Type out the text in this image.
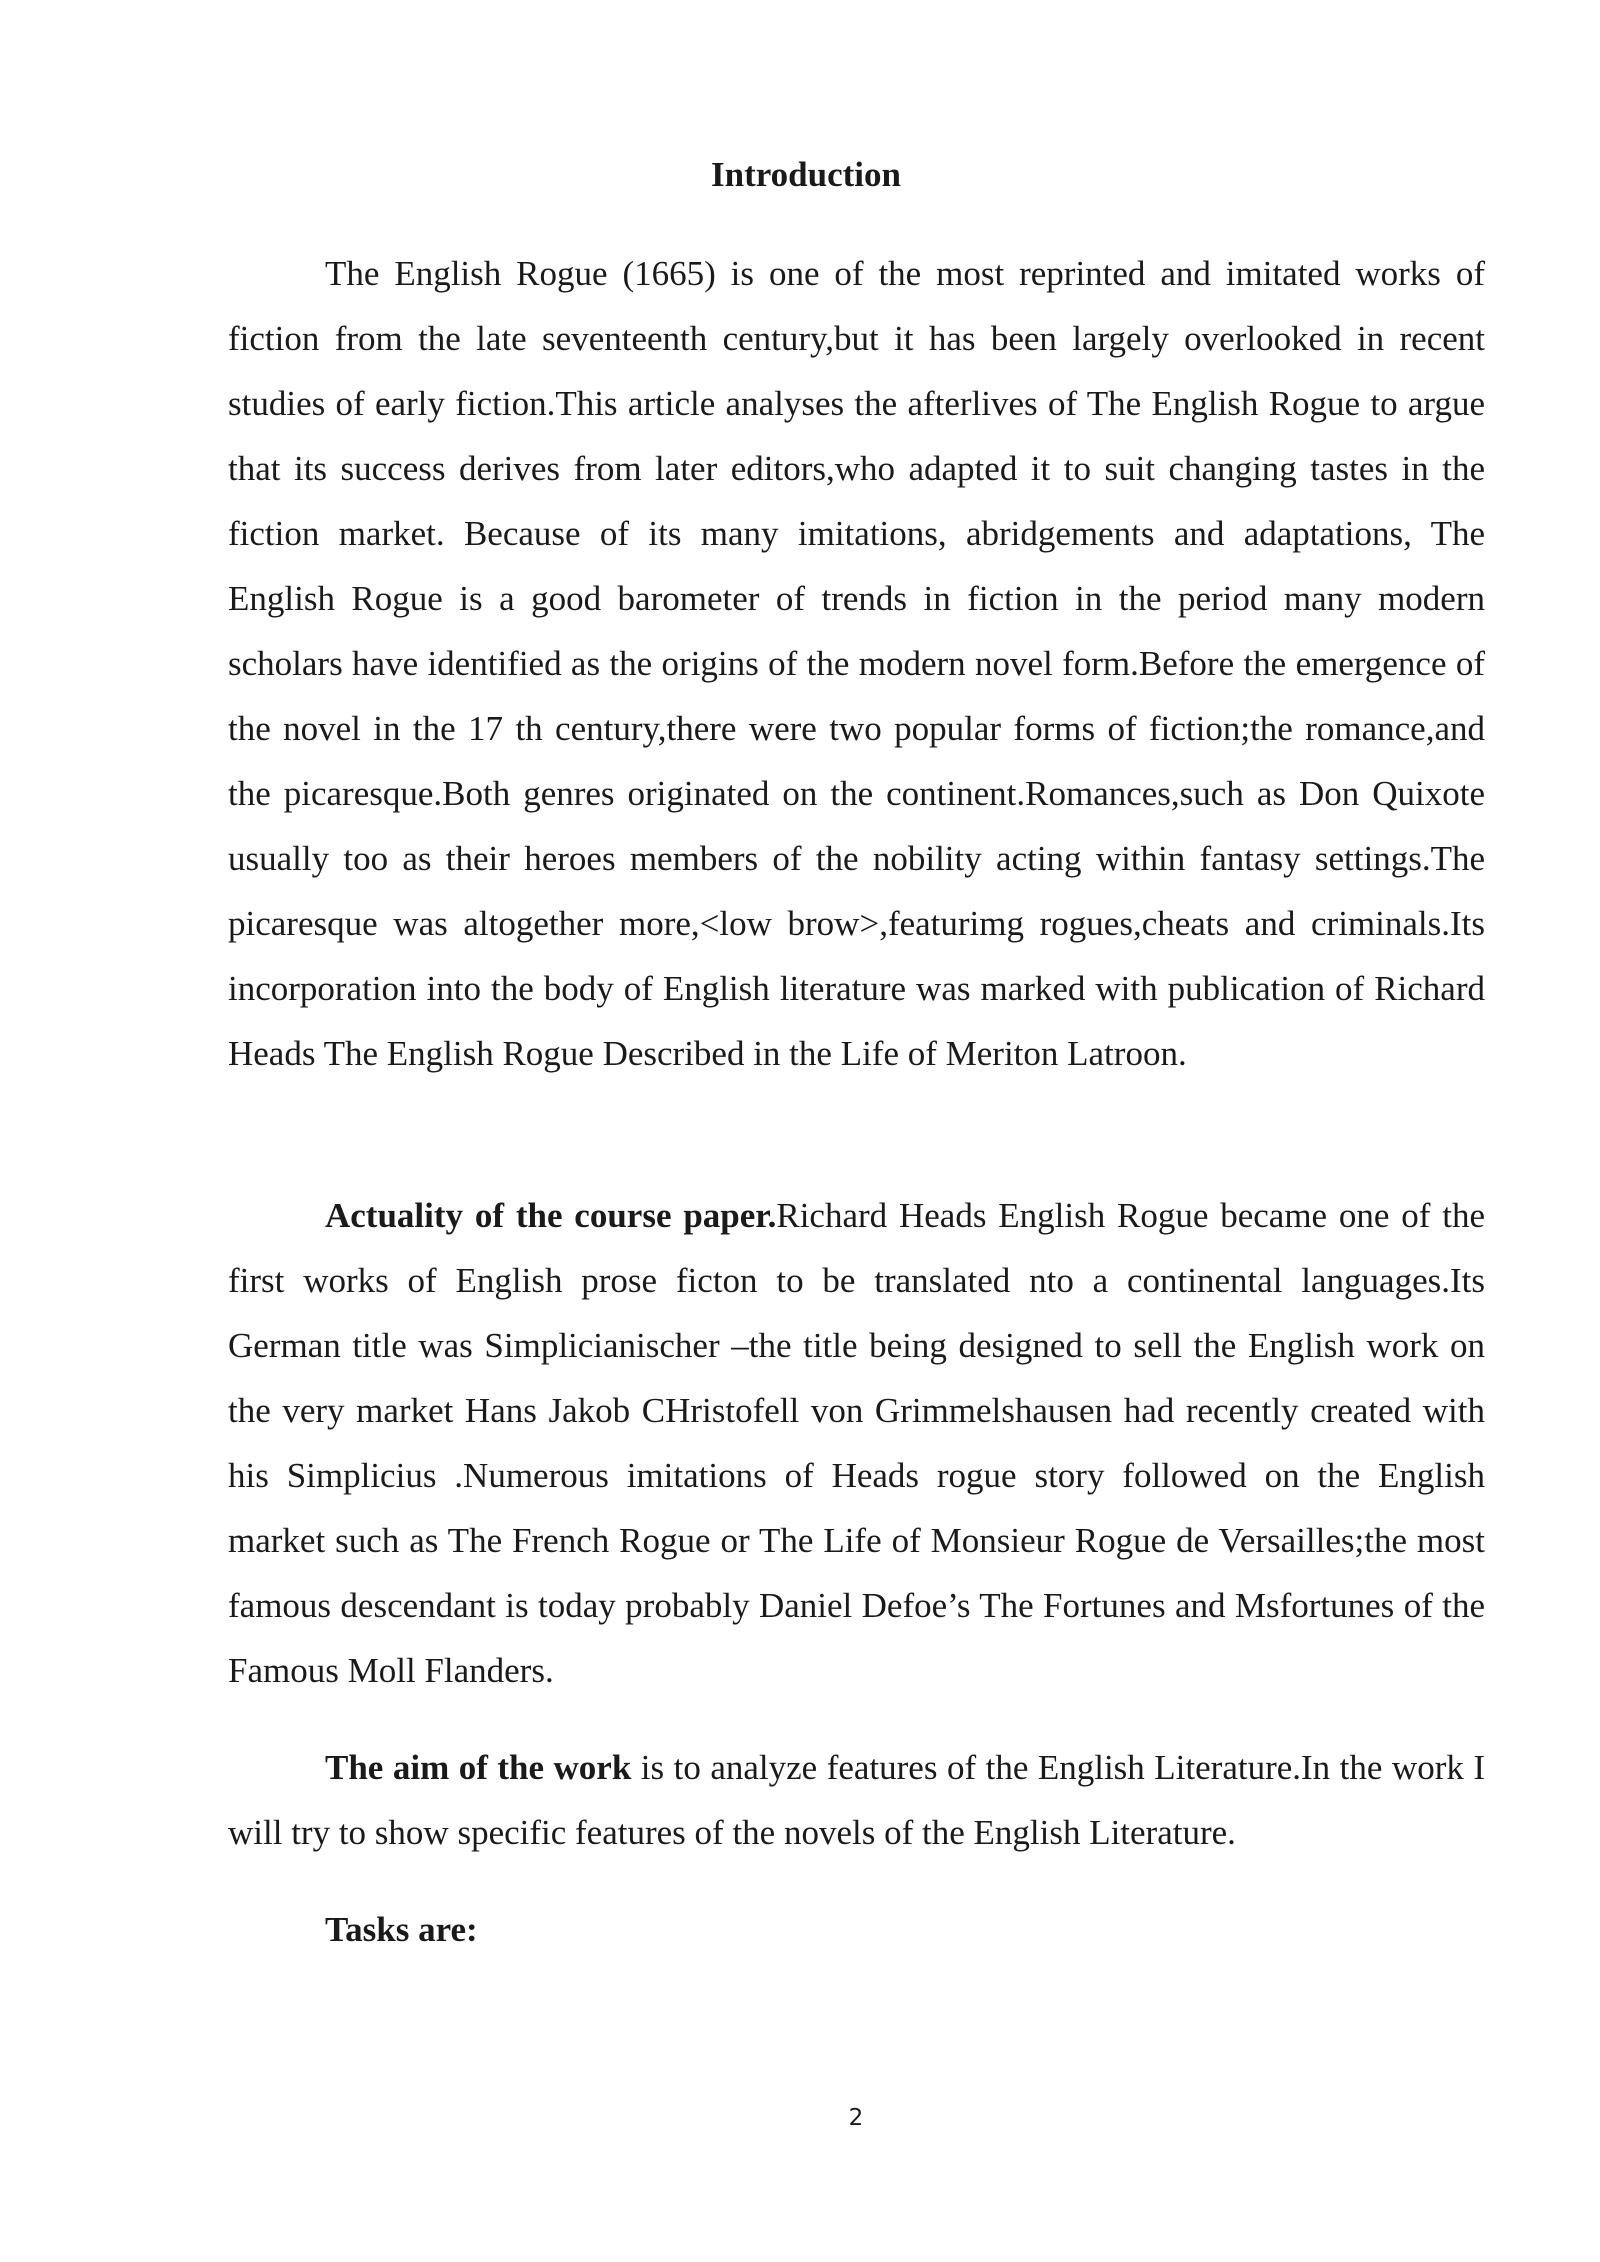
Introduction

The English Rogue (1665) is one of the most reprinted and imitated works of fiction from the late seventeenth century,but it has been largely overlooked in recent studies of early fiction.This article analyses the afterlives of The English Rogue to argue that its success derives from later editors,who adapted it to suit changing tastes in the fiction market. Because of its many imitations, abridgements and adaptations, The English Rogue is a good barometer of trends in fiction in the period many modern scholars have identified as the origins of the modern novel form.Before the emergence of the novel in the 17 th century,there were two popular forms of fiction;the romance,and the picaresque.Both genres originated on the continent.Romances,such as Don Quixote usually too as their heroes members of the nobility acting within fantasy settings.The picaresque was altogether more,<low brow>,featurimg rogues,cheats and criminals.Its incorporation into the body of English literature was marked with publication of Richard Heads The English Rogue Described in the Life of Meriton Latroon.

Actuality of the course paper.Richard Heads English Rogue became one of the first works of English prose ficton to be translated nto a continental languages.Its German title was Simplicianischer –the title being designed to sell the English work on the very market Hans Jakob CHristofell von Grimmelshausen had recently created with his Simplicius .Numerous imitations of Heads rogue story followed on the English market such as The French Rogue or The Life of Monsieur Rogue de Versailles;the most famous descendant is today probably Daniel Defoe’s The Fortunes and Msfortunes of the Famous Moll Flanders.

The aim of the work is to analyze features of the English Literature.In the work I will try to show specific features of the novels of the English Literature.

Tasks are:

2
